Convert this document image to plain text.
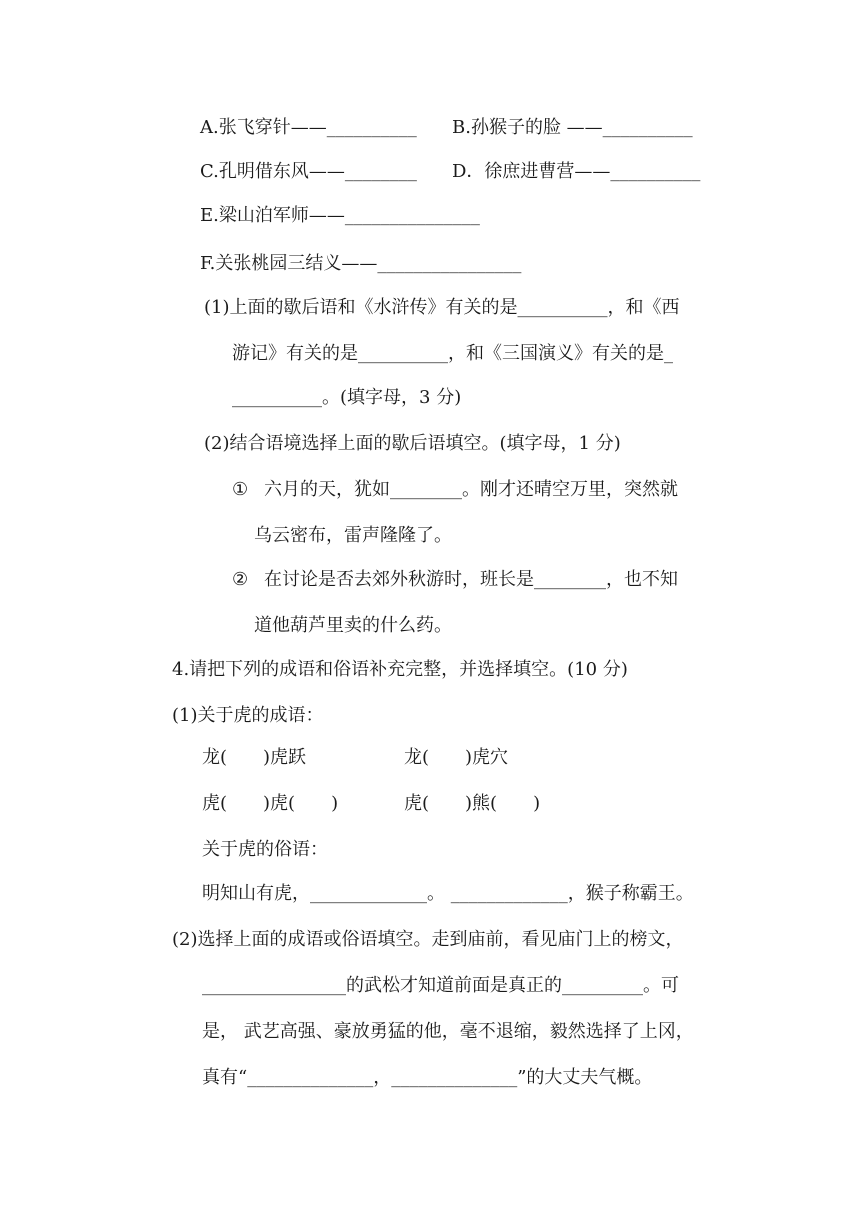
A.张飞穿针——__________ B.孙猴子的脸 ——__________
C.孔明借东风——________ D．徐庶进曹营——__________
E.梁山泊军师——_______________
F.关张桃园三结义——________________
(1)上面的歇后语和《水浒传》有关的是__________，和《西
游记》有关的是__________，和《三国演义》有关的是_
__________。(填字母，3 分)
(2)结合语境选择上面的歇后语填空。(填字母，1 分)
① 六月的天，犹如________。刚才还晴空万里，突然就
乌云密布，雷声隆隆了。
② 在讨论是否去郊外秋游时，班长是________，也不知
道他葫芦里卖的什么药。
4.请把下列的成语和俗语补充完整，并选择填空。(10 分)
(1)关于虎的成语：
龙(　　)虎跃	龙(　　)虎穴
虎(　　)虎(　　)	虎(　　)熊(　　)
关于虎的俗语：
明知山有虎，_____________。 _____________，猴子称霸王。
(2)选择上面的成语或俗语填空。走到庙前，看见庙门上的榜文，
________________的武松才知道前面是真正的_________。可
是， 武艺高强、豪放勇猛的他，毫不退缩，毅然选择了上冈，
真有“______________，______________”的大丈夫气概。
